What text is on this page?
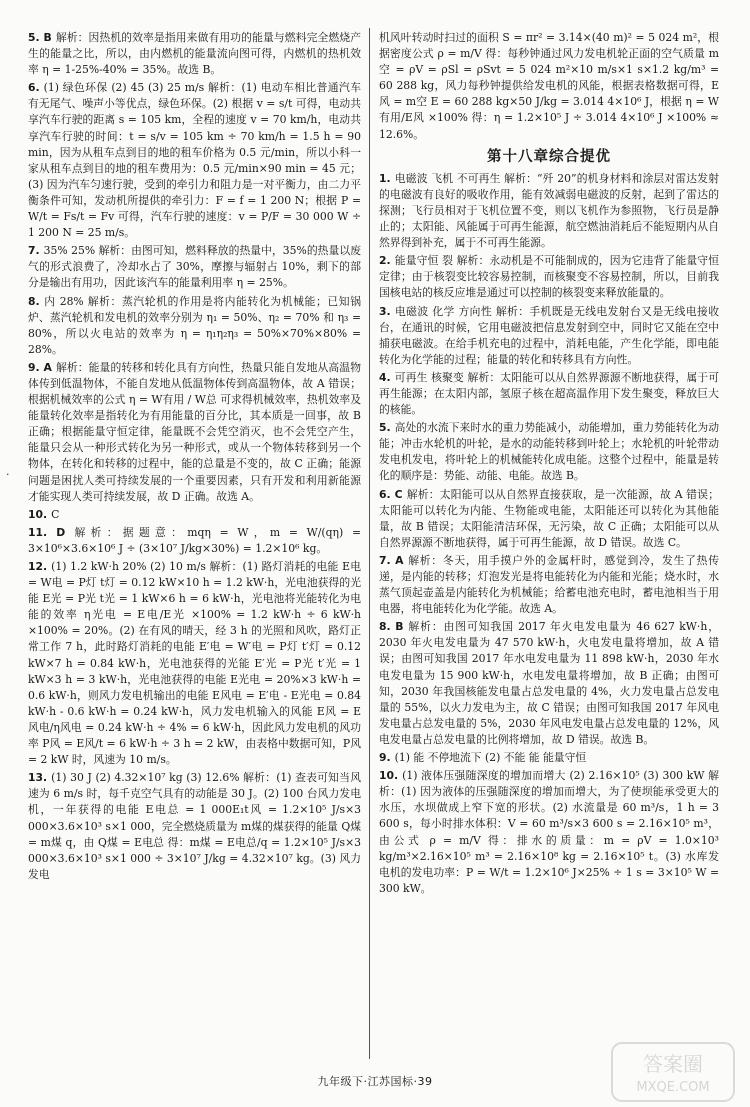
·
5. B 解析：因热机的效率是指用来做有用功的能量与燃料完全燃烧产生的能量之比，所以，由内燃机的能量流向图可得，内燃机的热机效率 η = 1-25%-40% = 35%。故选 B。
6. (1) 绿色环保 (2) 45 (3) 25 m/s 解析：(1) 电动车相比普通汽车有无尾气、噪声小等优点，绿色环保。(2) 根据 v = s/t 可得，电动共享汽车行驶的距离 s = 105 km，全程的速度 v = 70 km/h，电动共享汽车行驶的时间：t = s/v = 105 km ÷ 70 km/h = 1.5 h = 90 min，因为从租车点到目的地的租车价格为 0.5 元/min，所以小科一家从租车点到目的地的租车费用为：0.5 元/min×90 min = 45 元；(3) 因为汽车匀速行驶，受到的牵引力和阻力是一对平衡力，由二力平衡条件可知，发动机所提供的牵引力：F = f = 1 200 N；根据 P = W/t = Fs/t = Fv 可得，汽车行驶的速度：v = P/F = 30 000 W ÷ 1 200 N = 25 m/s。
7. 35% 25% 解析：由图可知，燃料释放的热量中，35%的热量以废气的形式浪费了，冷却水占了 30%，摩擦与辐射占 10%，剩下的部分是输出有用功，因此该汽车的能量利用率 η = 25%。
8. 内 28% 解析：蒸汽轮机的作用是将内能转化为机械能；已知锅炉、蒸汽轮机和发电机的效率分别为 η₁ = 50%、η₂ = 70% 和 η₃ = 80%，所以火电站的效率为 η = η₁η₂η₃ = 50%×70%×80% = 28%。
9. A 解析：能量的转移和转化具有方向性，热量只能自发地从高温物体传到低温物体，不能自发地从低温物体传到高温物体，故 A 错误；根据机械效率的公式 η = W有用 / W总 可求得机械效率，热机效率及能量转化效率是指转化为有用能量的百分比，其本质是一回事，故 B 正确；根据能量守恒定律，能量既不会凭空消灭，也不会凭空产生，能量只会从一种形式转化为另一种形式，或从一个物体转移到另一个物体，在转化和转移的过程中，能的总量是不变的，故 C 正确；能源问题是困扰人类可持续发展的一个重要因素，只有开发和利用新能源才能实现人类可持续发展，故 D 正确。故选 A。
10. C
11. D 解析：据题意：mqη = W，m = W/(qη) = 3×10⁶×3.6×10⁶ J ÷ (3×10⁷ J/kg×30%) = 1.2×10⁶ kg。
12. (1) 1.2 kW·h 20% (2) 10 m/s 解析：(1) 路灯消耗的电能 E电 = W电 = P灯 t灯 = 0.12 kW×10 h = 1.2 kW·h，光电池获得的光能 E光 = P光 t光 = 1 kW×6 h = 6 kW·h，光电池将光能转化为电能的效率 η光电 = E电/E光 ×100% = 1.2 kW·h ÷ 6 kW·h ×100% = 20%。(2) 在有风的晴天，经 3 h 的光照和风吹，路灯正常工作 7 h，此时路灯消耗的电能 E′电 = W′电 = P灯 t′灯 = 0.12 kW×7 h = 0.84 kW·h，光电池获得的光能 E′光 = P光 t′光 = 1 kW×3 h = 3 kW·h，光电池获得的电能 E光电 = 20%×3 kW·h = 0.6 kW·h，则风力发电机输出的电能 E风电 = E′电 - E光电 = 0.84 kW·h - 0.6 kW·h = 0.24 kW·h，风力发电机输入的风能 E风 = E风电/η风电 = 0.24 kW·h ÷ 4% = 6 kW·h，因此风力发电机的风功率 P风 = E风/t = 6 kW·h ÷ 3 h = 2 kW，由表格中数据可知，P风 = 2 kW 时，风速为 10 m/s。
13. (1) 30 J (2) 4.32×10⁷ kg (3) 12.6% 解析：(1) 查表可知当风速为 6 m/s 时，每千克空气具有的动能是 30 J。(2) 100 台风力发电机，一年获得的电能 E电总 = 1 000E₁t风 = 1.2×10⁵ J/s×3 000×3.6×10³ s×1 000，完全燃烧质量为 m煤的煤获得的能量 Q煤 = m煤 q，由 Q煤 = E电总 得：m煤 = E电总/q = 1.2×10⁵ J/s×3 000×3.6×10³ s×1 000 ÷ 3×10⁷ J/kg = 4.32×10⁷ kg。(3) 风力发电
机风叶转动时扫过的面积 S = πr² = 3.14×(40 m)² = 5 024 m²，根据密度公式 ρ = m/V 得：每秒钟通过风力发电机轮正面的空气质量 m空 = ρV = ρSl = ρSvt = 5 024 m²×10 m/s×1 s×1.2 kg/m³ = 60 288 kg，风力每秒钟提供给发电机的风能，根据表格数据可得，E风 = m空 E = 60 288 kg×50 J/kg = 3.014 4×10⁶ J，根据 η = W有用/E风 ×100% 得：η = 1.2×10⁵ J ÷ 3.014 4×10⁶ J ×100% ≈ 12.6%。
第十八章综合提优
1. 电磁波 飞机 不可再生 解析：“歼 20”的机身材料和涂层对雷达发射的电磁波有良好的吸收作用，能有效减弱电磁波的反射，起到了雷达的探测；飞行员相对于飞机位置不变，则以飞机作为参照物，飞行员是静止的；太阳能、风能属于可再生能源，航空燃油消耗后不能短期内从自然界得到补充，属于不可再生能源。
2. 能量守恒 裂 解析：永动机是不可能制成的，因为它违背了能量守恒定律；由于核裂变比较容易控制，而核聚变不容易控制，所以，目前我国核电站的核反应堆是通过可以控制的核裂变来释放能量的。
3. 电磁波 化学 方向性 解析：手机既是无线电发射台又是无线电接收台，在通讯的时候，它用电磁波把信息发射到空中，同时它又能在空中捕获电磁波。在给手机充电的过程中，消耗电能，产生化学能，即电能转化为化学能的过程；能量的转化和转移具有方向性。
4. 可再生 核聚变 解析：太阳能可以从自然界源源不断地获得，属于可再生能源；在太阳内部，氢原子核在超高温作用下发生聚变，释放巨大的核能。
5. 高处的水流下来时水的重力势能减小，动能增加，重力势能转化为动能；冲击水轮机的叶轮，是水的动能转移到叶轮上；水轮机的叶轮带动发电机发电，将叶轮上的机械能转化成电能。这整个过程中，能量是转化的顺序是：势能、动能、电能。故选 B。
6. C 解析：太阳能可以从自然界直接获取，是一次能源，故 A 错误；太阳能可以转化为内能、生物能或电能，太阳能还可以转化为其他能量，故 B 错误；太阳能清洁环保，无污染，故 C 正确；太阳能可以从自然界源源不断地获得，属于可再生能源，故 D 错误。故选 C。
7. A 解析：冬天，用手摸户外的金属杆时，感觉到冷，发生了热传递，是内能的转移；灯泡发光是将电能转化为内能和光能；烧水时，水蒸气顶起壶盖是内能转化为机械能；给蓄电池充电时，蓄电池相当于用电器，将电能转化为化学能。故选 A。
8. B 解析：由图可知我国 2017 年火电发电量为 46 627 kW·h，2030 年火电发电量为 47 570 kW·h，火电发电量将增加，故 A 错误；由图可知我国 2017 年水电发电量为 11 898 kW·h，2030 年水电发电量为 15 900 kW·h，水电发电量将增加，故 B 正确；由图可知，2030 年我国核能发电量占总发电量的 4%，火力发电量占总发电量的 55%，以火力发电为主，故 C 错误；由图可知我国 2017 年风电发电量占总发电量的 5%，2030 年风电发电量占总发电量的 12%，风电发电量占总发电量的比例将增加，故 D 错误。故选 B。
9. (1) 能 不停地流下 (2) 不能 能 能量守恒
10. (1) 液体压强随深度的增加而增大 (2) 2.16×10⁵ (3) 300 kW 解析：(1) 因为液体的压强随深度的增加而增大，为了使坝能承受更大的水压，水坝做成上窄下宽的形状。(2) 水流量是 60 m³/s，1 h = 3 600 s，每小时排水体积：V = 60 m³/s×3 600 s = 2.16×10⁵ m³，由公式 ρ = m/V 得：排水的质量：m = ρV = 1.0×10³ kg/m³×2.16×10⁵ m³ = 2.16×10⁸ kg = 2.16×10⁵ t。(3) 水库发电机的发电功率：P = W/t = 1.2×10⁶ J×25% ÷ 1 s = 3×10⁵ W = 300 kW。
九年级下·江苏国标·39
答案圈
MXQE.COM
